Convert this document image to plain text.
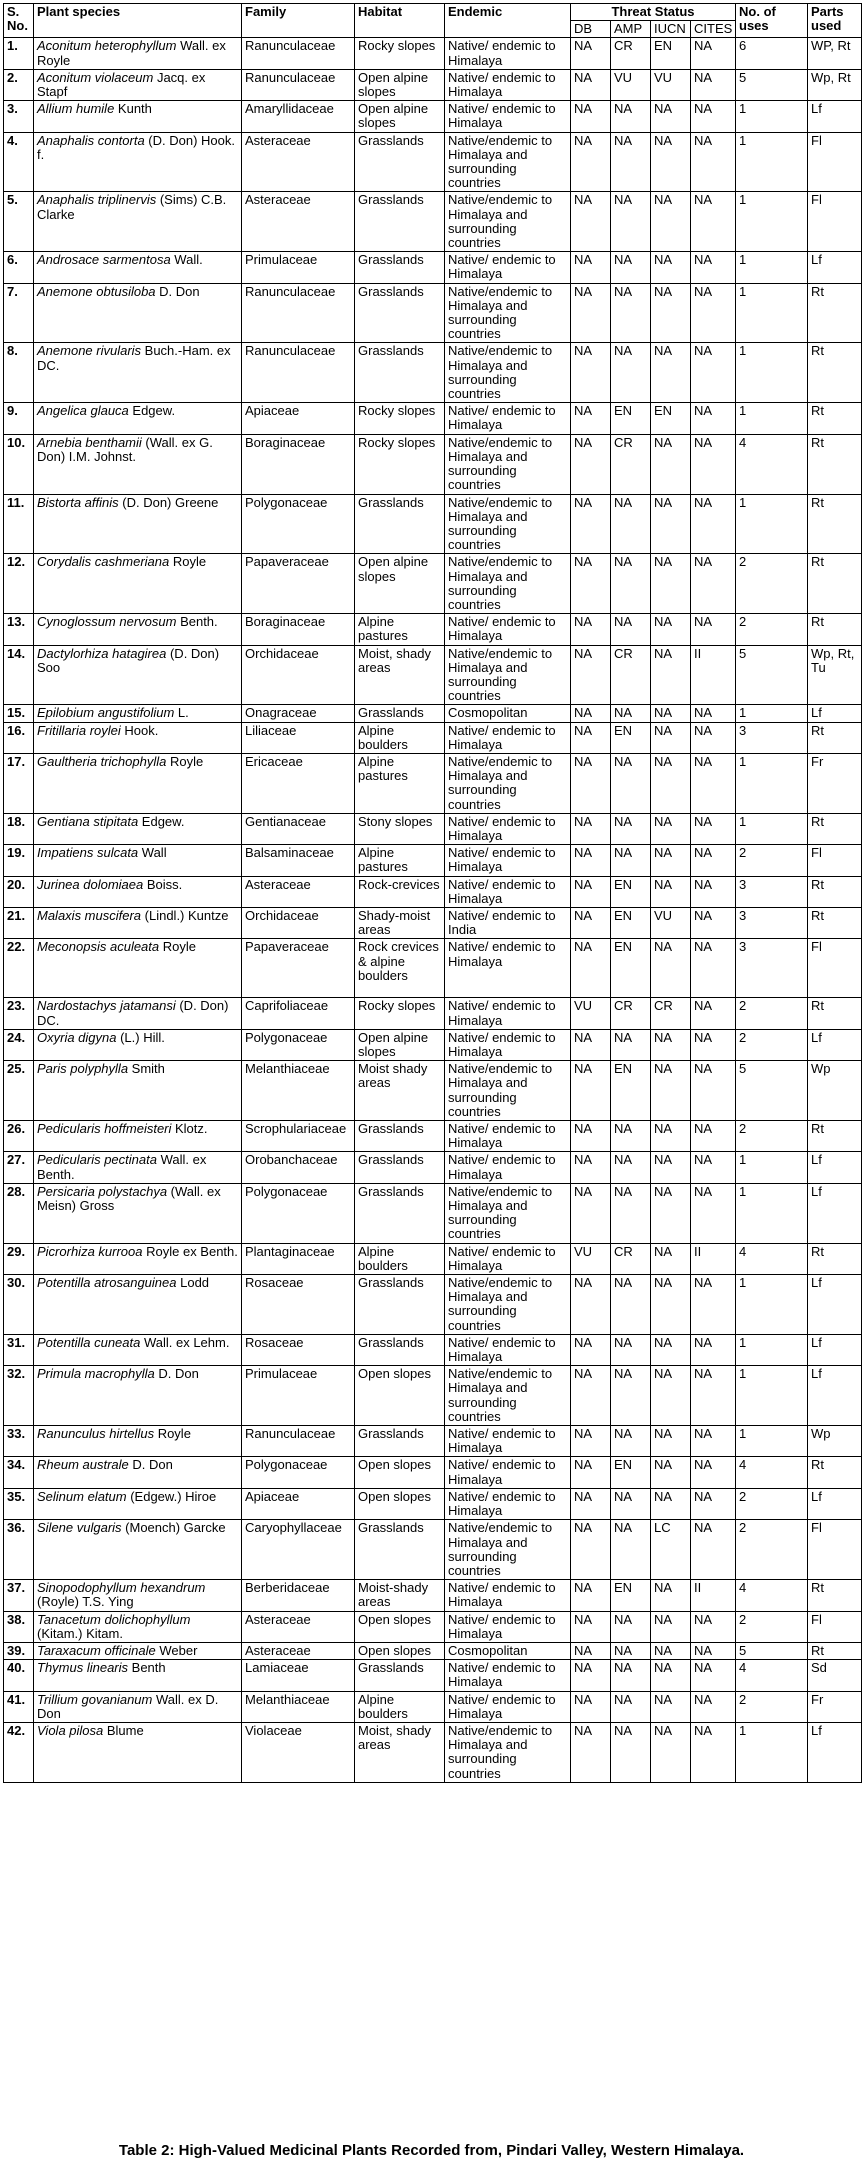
S. No.	Plant species	Family	Habitat	Endemic	Threat Status				No. of uses	Parts used
					DB	AMP	IUCN	CITES		
1.	Aconitum heterophyllum Wall. ex Royle	Ranunculaceae	Rocky slopes	Native/ endemic to Himalaya	NA	CR	EN	NA	6	WP, Rt
2.	Aconitum violaceum Jacq. ex Stapf	Ranunculaceae	Open alpine slopes	Native/ endemic to Himalaya	NA	VU	VU	NA	5	Wp, Rt
3.	Allium humile Kunth	Amaryllidaceae	Open alpine slopes	Native/ endemic to Himalaya	NA	NA	NA	NA	1	Lf
4.	Anaphalis contorta (D. Don) Hook. f.	Asteraceae	Grasslands	Native/endemic to Himalaya and surrounding countries	NA	NA	NA	NA	1	Fl
5.	Anaphalis triplinervis (Sims) C.B. Clarke	Asteraceae	Grasslands	Native/endemic to Himalaya and surrounding countries	NA	NA	NA	NA	1	Fl
6.	Androsace sarmentosa Wall.	Primulaceae	Grasslands	Native/ endemic to Himalaya	NA	NA	NA	NA	1	Lf
7.	Anemone obtusiloba D. Don	Ranunculaceae	Grasslands	Native/endemic to Himalaya and surrounding countries	NA	NA	NA	NA	1	Rt
8.	Anemone rivularis Buch.-Ham. ex DC.	Ranunculaceae	Grasslands	Native/endemic to Himalaya and surrounding countries	NA	NA	NA	NA	1	Rt
9.	Angelica glauca Edgew.	Apiaceae	Rocky slopes	Native/ endemic to Himalaya	NA	EN	EN	NA	1	Rt
10.	Arnebia benthamii (Wall. ex G. Don) I.M. Johnst.	Boraginaceae	Rocky slopes	Native/endemic to Himalaya and surrounding countries	NA	CR	NA	NA	4	Rt
11.	Bistorta affinis (D. Don) Greene	Polygonaceae	Grasslands	Native/endemic to Himalaya and surrounding countries	NA	NA	NA	NA	1	Rt
12.	Corydalis cashmeriana Royle	Papaveraceae	Open alpine slopes	Native/endemic to Himalaya and surrounding countries	NA	NA	NA	NA	2	Rt
13.	Cynoglossum nervosum Benth.	Boraginaceae	Alpine pastures	Native/ endemic to Himalaya	NA	NA	NA	NA	2	Rt
14.	Dactylorhiza hatagirea (D. Don) Soo	Orchidaceae	Moist, shady areas	Native/endemic to Himalaya and surrounding countries	NA	CR	NA	II	5	Wp, Rt, Tu
15.	Epilobium angustifolium L.	Onagraceae	Grasslands	Cosmopolitan	NA	NA	NA	NA	1	Lf
16.	Fritillaria roylei Hook.	Liliaceae	Alpine boulders	Native/ endemic to Himalaya	NA	EN	NA	NA	3	Rt
17.	Gaultheria trichophylla Royle	Ericaceae	Alpine pastures	Native/endemic to Himalaya and surrounding countries	NA	NA	NA	NA	1	Fr
18.	Gentiana stipitata Edgew.	Gentianaceae	Stony slopes	Native/ endemic to Himalaya	NA	NA	NA	NA	1	Rt
19.	Impatiens sulcata Wall	Balsaminaceae	Alpine pastures	Native/ endemic to Himalaya	NA	NA	NA	NA	2	Fl
20.	Jurinea dolomiaea Boiss.	Asteraceae	Rock-crevices	Native/ endemic to Himalaya	NA	EN	NA	NA	3	Rt
21.	Malaxis muscifera (Lindl.) Kuntze	Orchidaceae	Shady-moist areas	Native/ endemic to India	NA	EN	VU	NA	3	Rt
22.	Meconopsis aculeata Royle	Papaveraceae	Rock crevices & alpine boulders	Native/ endemic to Himalaya	NA	EN	NA	NA	3	Fl
23.	Nardostachys jatamansi (D. Don) DC.	Caprifoliaceae	Rocky slopes	Native/ endemic to Himalaya	VU	CR	CR	NA	2	Rt
24.	Oxyria digyna (L.) Hill.	Polygonaceae	Open alpine slopes	Native/ endemic to Himalaya	NA	NA	NA	NA	2	Lf
25.	Paris polyphylla Smith	Melanthiaceae	Moist shady areas	Native/endemic to Himalaya and surrounding countries	NA	EN	NA	NA	5	Wp
26.	Pedicularis hoffmeisteri Klotz.	Scrophulariaceae	Grasslands	Native/ endemic to Himalaya	NA	NA	NA	NA	2	Rt
27.	Pedicularis pectinata Wall. ex Benth.	Orobanchaceae	Grasslands	Native/ endemic to Himalaya	NA	NA	NA	NA	1	Lf
28.	Persicaria polystachya (Wall. ex Meisn) Gross	Polygonaceae	Grasslands	Native/endemic to Himalaya and surrounding countries	NA	NA	NA	NA	1	Lf
29.	Picrorhiza kurrooa Royle ex Benth.	Plantaginaceae	Alpine boulders	Native/ endemic to Himalaya	VU	CR	NA	II	4	Rt
30.	Potentilla atrosanguinea Lodd	Rosaceae	Grasslands	Native/endemic to Himalaya and surrounding countries	NA	NA	NA	NA	1	Lf
31.	Potentilla cuneata Wall. ex Lehm.	Rosaceae	Grasslands	Native/ endemic to Himalaya	NA	NA	NA	NA	1	Lf
32.	Primula macrophylla D. Don	Primulaceae	Open slopes	Native/endemic to Himalaya and surrounding countries	NA	NA	NA	NA	1	Lf
33.	Ranunculus hirtellus Royle	Ranunculaceae	Grasslands	Native/ endemic to Himalaya	NA	NA	NA	NA	1	Wp
34.	Rheum australe D. Don	Polygonaceae	Open slopes	Native/ endemic to Himalaya	NA	EN	NA	NA	4	Rt
35.	Selinum elatum (Edgew.) Hiroe	Apiaceae	Open slopes	Native/ endemic to Himalaya	NA	NA	NA	NA	2	Lf
36.	Silene vulgaris (Moench) Garcke	Caryophyllaceae	Grasslands	Native/endemic to Himalaya and surrounding countries	NA	NA	LC	NA	2	Fl
37.	Sinopodophyllum hexandrum (Royle) T.S. Ying	Berberidaceae	Moist-shady areas	Native/ endemic to Himalaya	NA	EN	NA	II	4	Rt
38.	Tanacetum dolichophyllum (Kitam.) Kitam.	Asteraceae	Open slopes	Native/ endemic to Himalaya	NA	NA	NA	NA	2	Fl
39.	Taraxacum officinale Weber	Asteraceae	Open slopes	Cosmopolitan	NA	NA	NA	NA	5	Rt
40.	Thymus linearis Benth	Lamiaceae	Grasslands	Native/ endemic to Himalaya	NA	NA	NA	NA	4	Sd
41.	Trillium govanianum Wall. ex D. Don	Melanthiaceae	Alpine boulders	Native/ endemic to Himalaya	NA	NA	NA	NA	2	Fr
42.	Viola pilosa Blume	Violaceae	Moist, shady areas	Native/endemic to Himalaya and surrounding countries	NA	NA	NA	NA	1	Lf
Table 2: High-Valued Medicinal Plants Recorded from, Pindari Valley, Western Himalaya.
